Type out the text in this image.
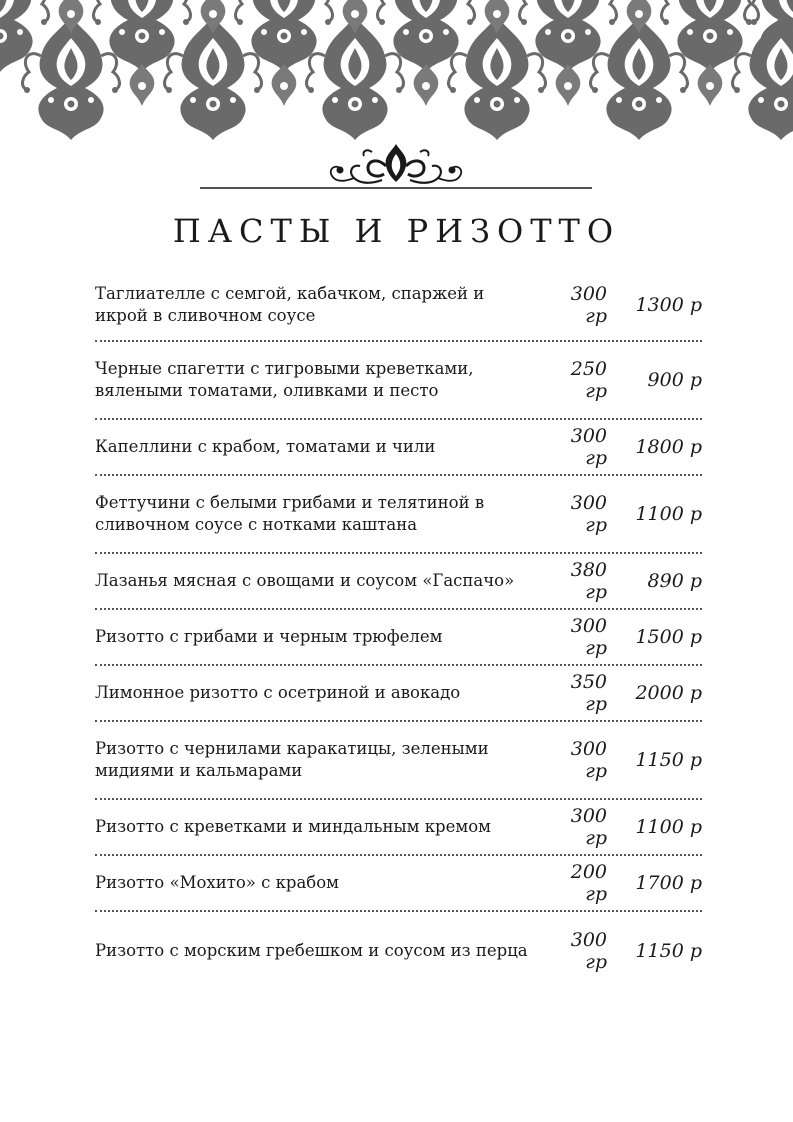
ПАСТЫ И РИЗОТТО
Таглиателле с семгой, кабачком, спаржей и икрой в сливочном соусе
300 гр	1300 р
Черные спагетти с тигровыми креветками, вялеными томатами, оливками и песто
250 гр	900 р
Капеллини с крабом, томатами и чили	300 гр	1800 р
Феттучини с белыми грибами и телятиной в сливочном соусе с нотками каштана
300 гр	1100 р
Лазанья мясная с овощами и соусом «Гаспачо»	380 гр	890 р
Ризотто с грибами и черным трюфелем	300 гр	1500 р
Лимонное ризотто с осетриной и авокадо	350 гр	2000 р
Ризотто с чернилами каракатицы, зелеными мидиями и кальмарами
300 гр	1150 р
Ризотто с креветками и миндальным кремом	300 гр	1100 р
Ризотто «Мохито» с крабом	200 гр	1700 р
Ризотто с морским гребешком и соусом из перца	300 гр	1150 р
